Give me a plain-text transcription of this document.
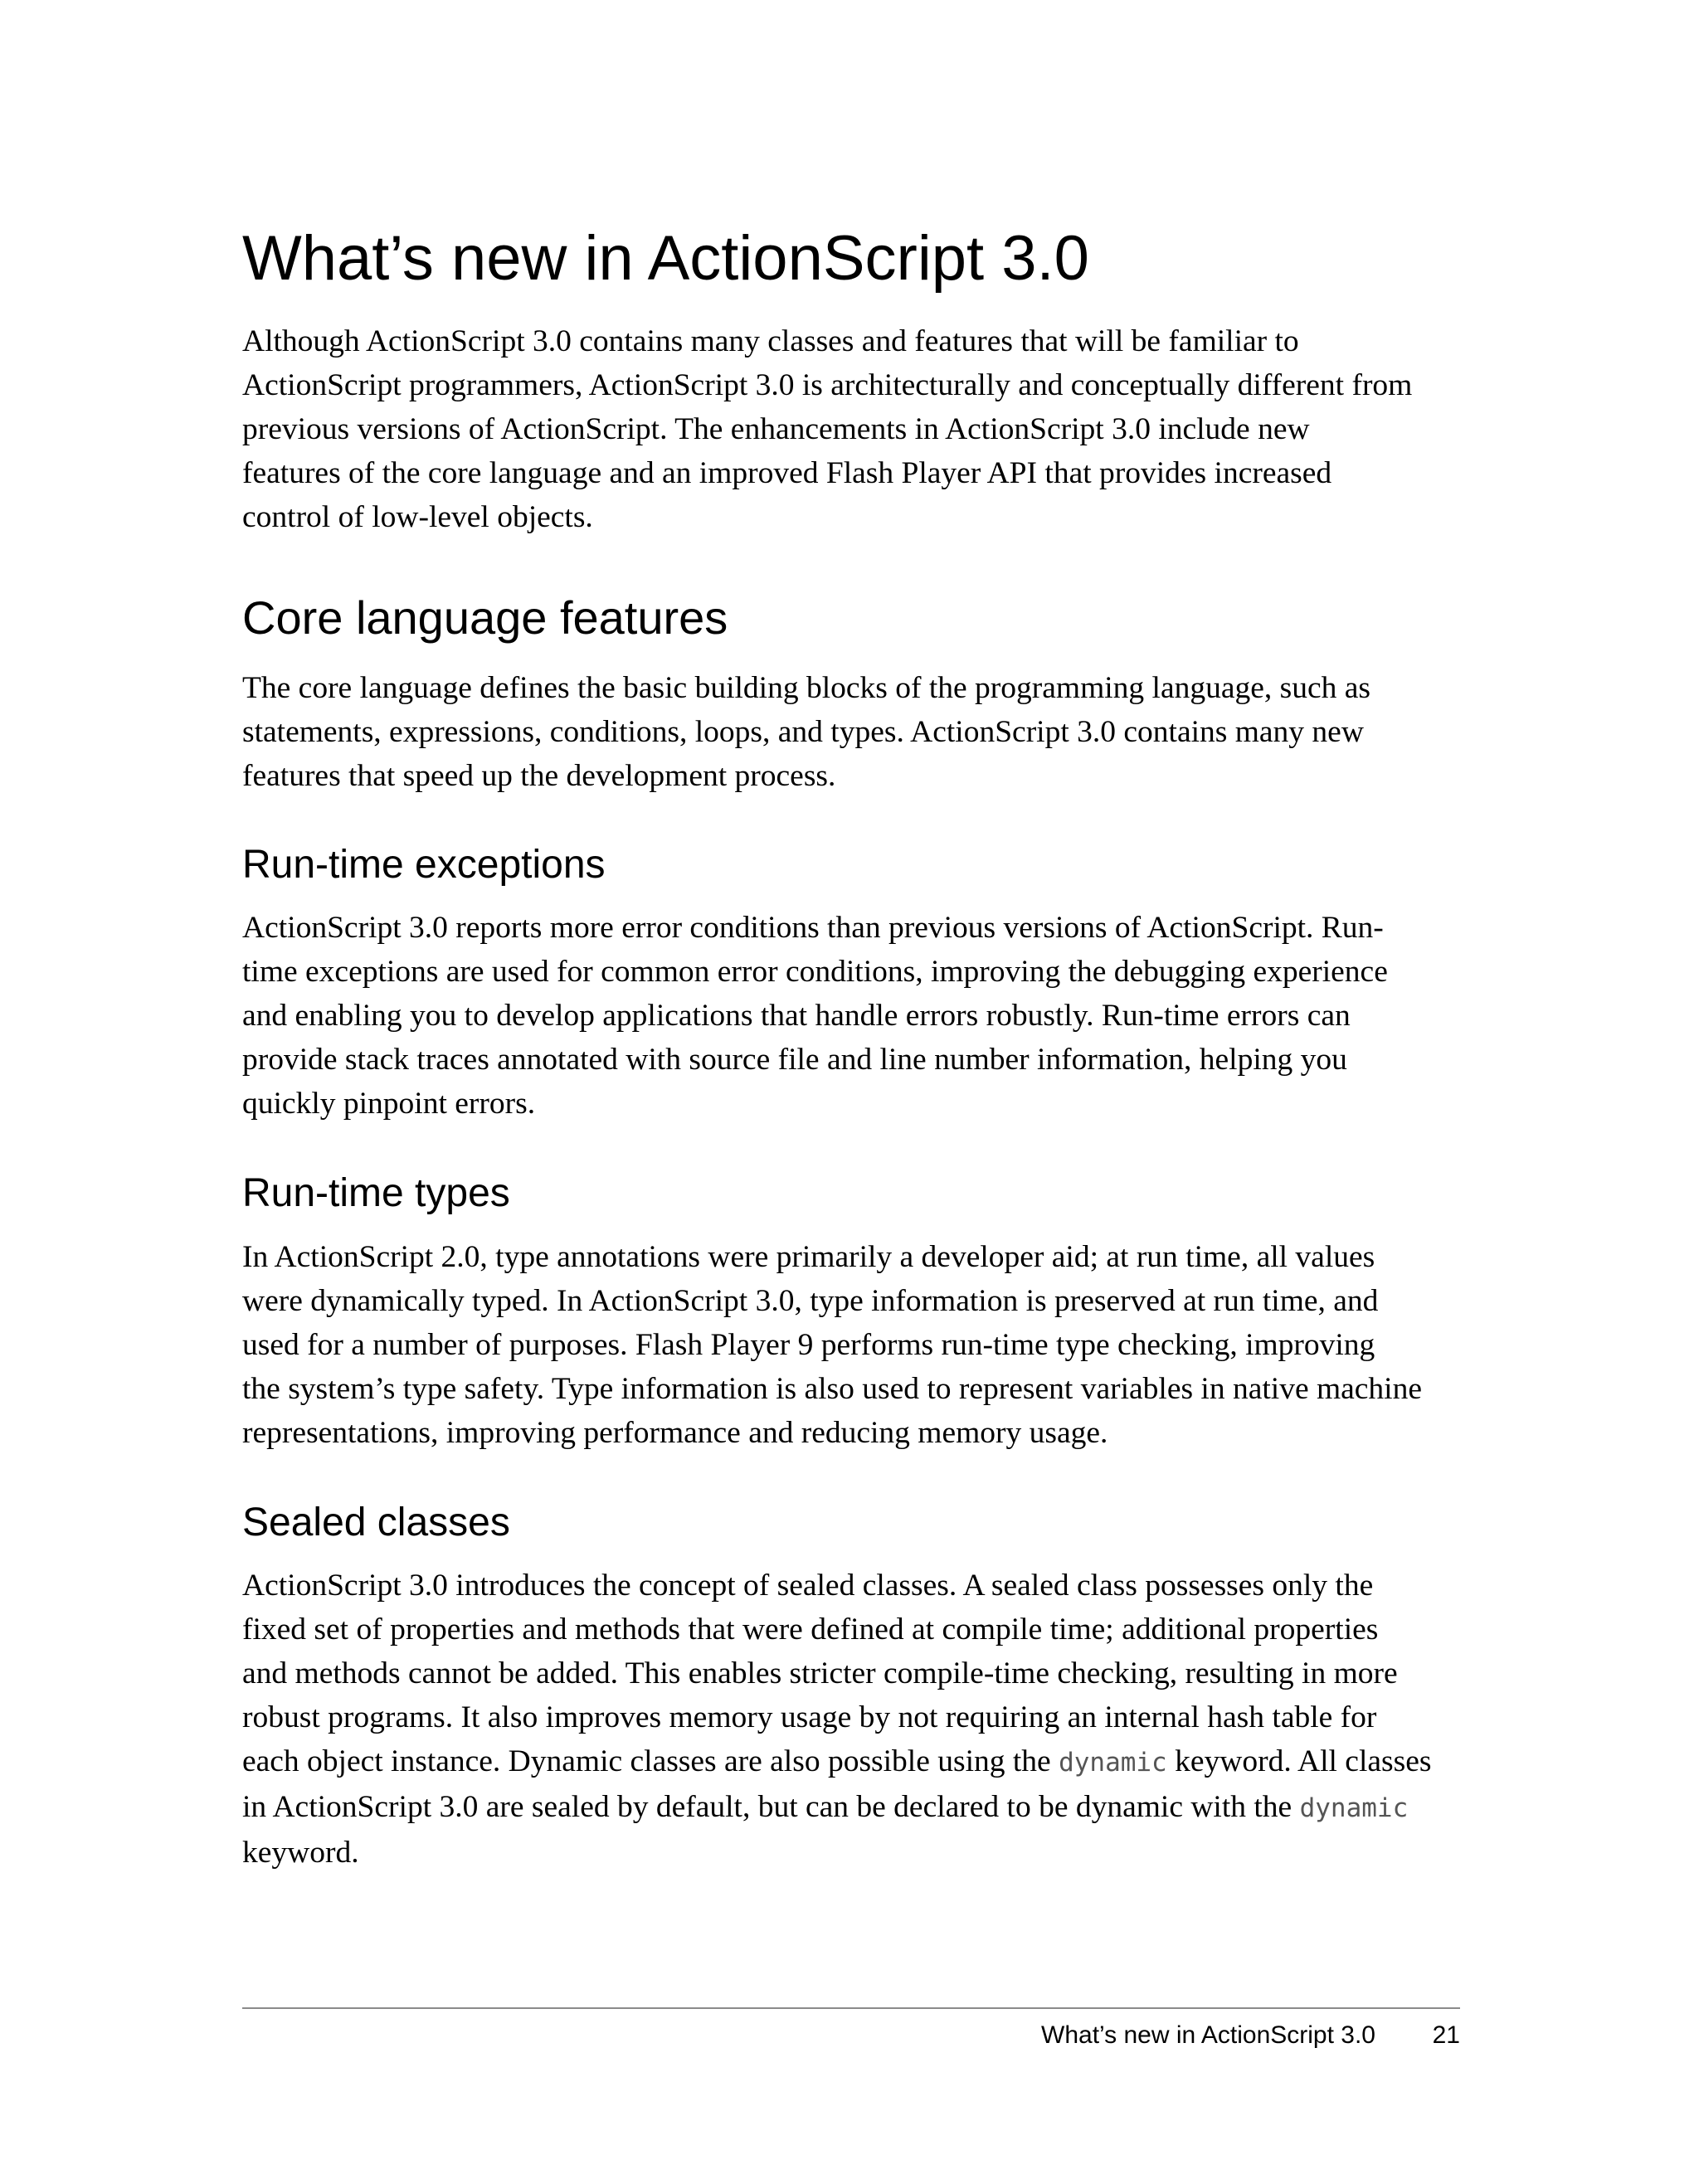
What’s new in ActionScript 3.0
Although ActionScript 3.0 contains many classes and features that will be familiar to
ActionScript programmers, ActionScript 3.0 is architecturally and conceptually different from
previous versions of ActionScript. The enhancements in ActionScript 3.0 include new
features of the core language and an improved Flash Player API that provides increased
control of low-level objects.
Core language features
The core language defines the basic building blocks of the programming language, such as
statements, expressions, conditions, loops, and types. ActionScript 3.0 contains many new
features that speed up the development process.
Run-time exceptions
ActionScript 3.0 reports more error conditions than previous versions of ActionScript. Run-
time exceptions are used for common error conditions, improving the debugging experience
and enabling you to develop applications that handle errors robustly. Run-time errors can
provide stack traces annotated with source file and line number information, helping you
quickly pinpoint errors.
Run-time types
In ActionScript 2.0, type annotations were primarily a developer aid; at run time, all values
were dynamically typed. In ActionScript 3.0, type information is preserved at run time, and
used for a number of purposes. Flash Player 9 performs run-time type checking, improving
the system’s type safety. Type information is also used to represent variables in native machine
representations, improving performance and reducing memory usage.
Sealed classes
ActionScript 3.0 introduces the concept of sealed classes. A sealed class possesses only the
fixed set of properties and methods that were defined at compile time; additional properties
and methods cannot be added. This enables stricter compile-time checking, resulting in more
robust programs. It also improves memory usage by not requiring an internal hash table for
each object instance. Dynamic classes are also possible using the dynamic keyword. All classes
in ActionScript 3.0 are sealed by default, but can be declared to be dynamic with the dynamic
keyword.
What’s new in ActionScript 3.0 21
